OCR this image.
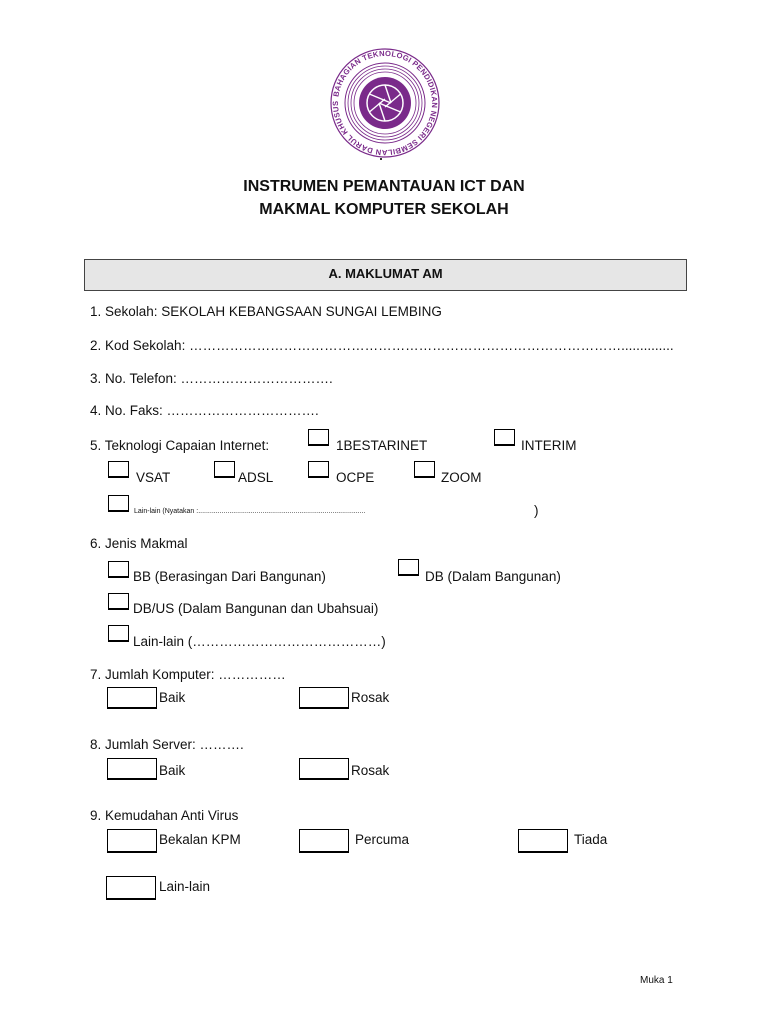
BAHAGIAN TEKNOLOGI PENDIDIKAN NEGERI SEMBILAN DARUL KHUSUS
INSTRUMEN PEMANTAUAN ICT DAN
MAKMAL KOMPUTER SEKOLAH
A. MAKLUMAT AM
1. Sekolah: SEKOLAH KEBANGSAAN SUNGAI LEMBING
2. Kod Sekolah: ……………………………………………………………………………………..............
3. No. Telefon: …………………………….
4. No. Faks: …………………………….
5. Teknologi Capaian Internet:	1BESTARINET	INTERIM
VSAT	ADSL	OCPE	ZOOM
Lain-lain (Nyatakan :......................................................................................	)
6. Jenis Makmal
BB (Berasingan Dari Bangunan)	DB (Dalam Bangunan)
DB/US (Dalam Bangunan dan Ubahsuai)
Lain-lain (……………………………………)
7. Jumlah Komputer: ……………
Baik	Rosak
8. Jumlah Server: ……….
Baik	Rosak
9. Kemudahan Anti Virus
Bekalan KPM	Percuma	Tiada
Lain-lain
Muka 1
